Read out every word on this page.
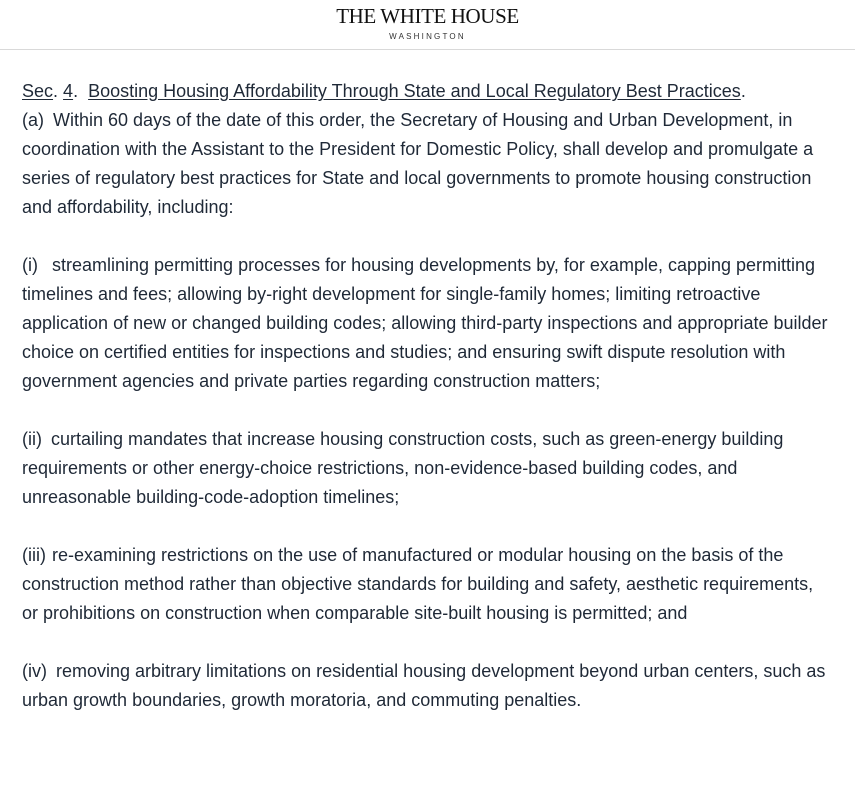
THE WHITE HOUSE
WASHINGTON
Sec. 4.  Boosting Housing Affordability Through State and Local Regulatory Best Practices.
(a) Within 60 days of the date of this order, the Secretary of Housing and Urban Development, in coordination with the Assistant to the President for Domestic Policy, shall develop and promulgate a series of regulatory best practices for State and local governments to promote housing construction and affordability, including:
(i) streamlining permitting processes for housing developments by, for example, capping permitting timelines and fees; allowing by-right development for single-family homes; limiting retroactive application of new or changed building codes; allowing third-party inspections and appropriate builder choice on certified entities for inspections and studies; and ensuring swift dispute resolution with government agencies and private parties regarding construction matters;
(ii) curtailing mandates that increase housing construction costs, such as green-energy building requirements or other energy-choice restrictions, non-evidence-based building codes, and unreasonable building-code-adoption timelines;
(iii) re-examining restrictions on the use of manufactured or modular housing on the basis of the construction method rather than objective standards for building and safety, aesthetic requirements, or prohibitions on construction when comparable site-built housing is permitted; and
(iv) removing arbitrary limitations on residential housing development beyond urban centers, such as urban growth boundaries, growth moratoria, and commuting penalties.
